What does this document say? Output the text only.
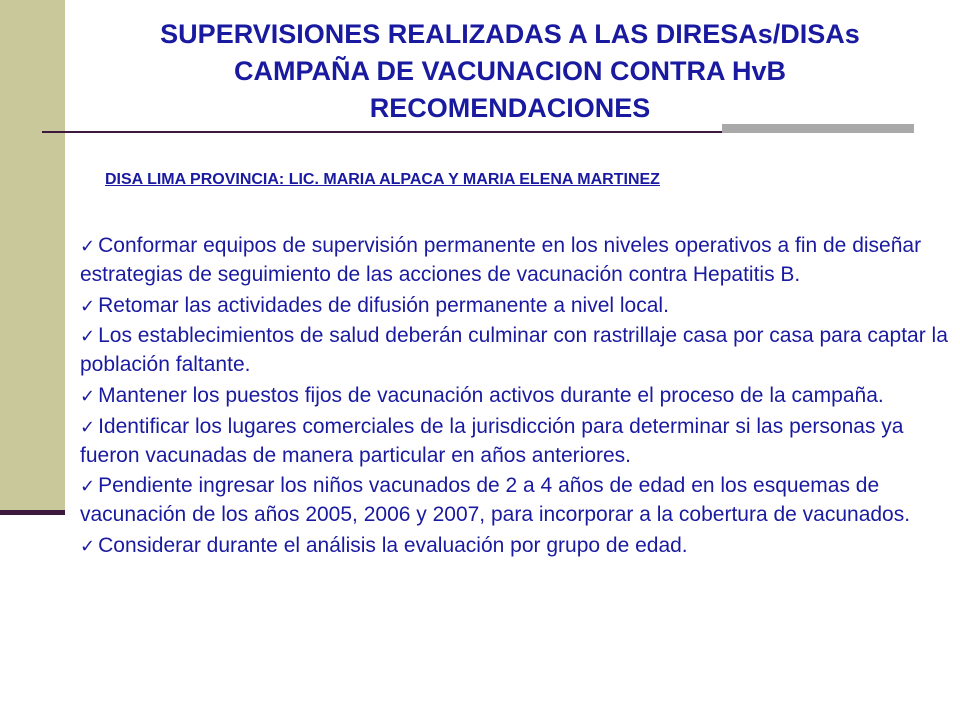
SUPERVISIONES REALIZADAS A LAS DIRESAs/DISAs
CAMPAÑA DE VACUNACION CONTRA HvB
RECOMENDACIONES
DISA LIMA PROVINCIA: LIC. MARIA ALPACA Y MARIA ELENA MARTINEZ
✓ Conformar equipos de supervisión permanente en los niveles operativos a fin de diseñar estrategias de seguimiento de las acciones de vacunación contra Hepatitis B.
✓ Retomar las actividades de difusión permanente a nivel local.
✓ Los establecimientos de salud deberán culminar con rastrillaje casa por casa para captar la población faltante.
✓ Mantener los puestos fijos de vacunación activos durante el proceso de la campaña.
✓ Identificar los lugares comerciales de la jurisdicción para determinar si las personas ya fueron vacunadas de manera particular en años anteriores.
✓ Pendiente ingresar los niños vacunados de 2 a 4 años de edad en los esquemas de vacunación de los años 2005, 2006 y 2007, para incorporar a la cobertura de vacunados.
✓ Considerar durante el análisis la evaluación por grupo de edad.
